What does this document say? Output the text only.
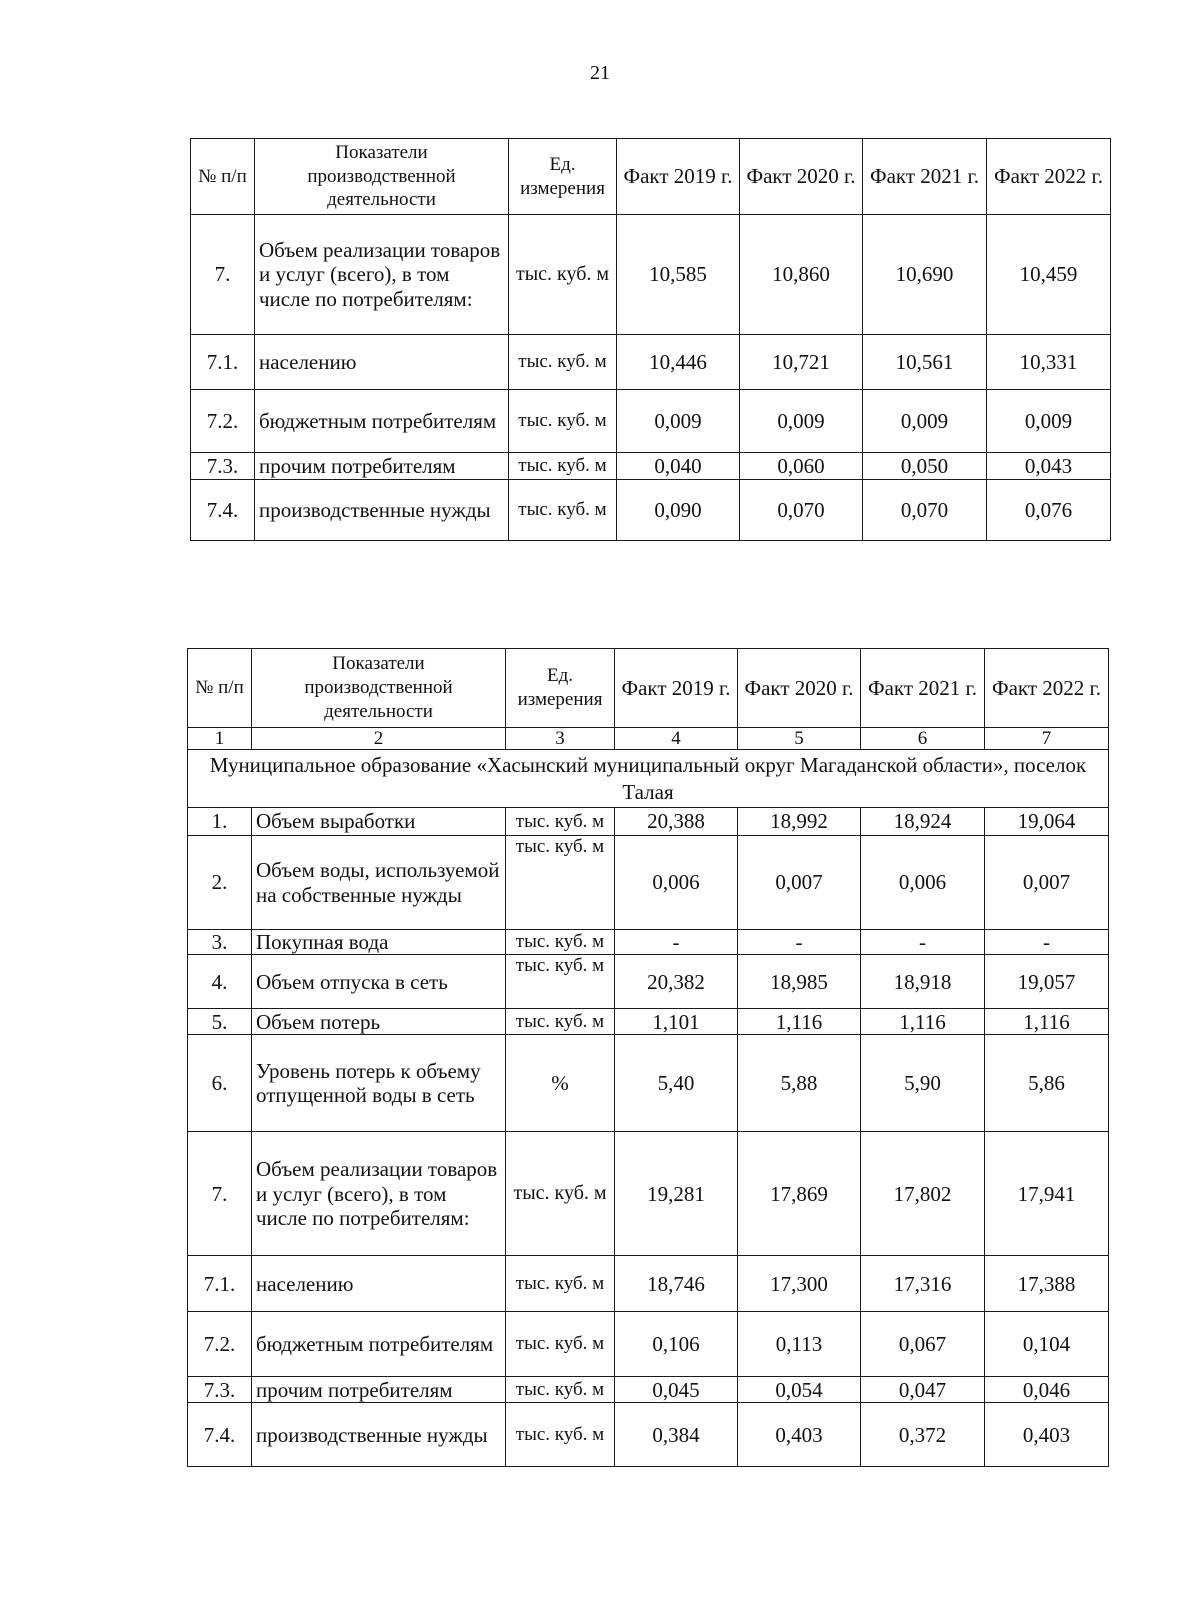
21
№ п/п	Показатели производственной деятельности	Ед. измерения	Факт 2019 г.	Факт 2020 г.	Факт 2021 г.	Факт 2022 г.
7.	Объем реализации товаров и услуг (всего), в том числе по потребителям:	тыс. куб. м	10,585	10,860	10,690	10,459
7.1.	населению	тыс. куб. м	10,446	10,721	10,561	10,331
7.2.	бюджетным потребителям	тыс. куб. м	0,009	0,009	0,009	0,009
7.3.	прочим потребителям	тыс. куб. м	0,040	0,060	0,050	0,043
7.4.	производственные нужды	тыс. куб. м	0,090	0,070	0,070	0,076
№ п/п	Показатели производственной деятельности	Ед. измерения	Факт 2019 г.	Факт 2020 г.	Факт 2021 г.	Факт 2022 г.
1	2	3	4	5	6	7
Муниципальное образование «Хасынский муниципальный округ Магаданской области», поселок Талая						
1.	Объем выработки	тыс. куб. м	20,388	18,992	18,924	19,064
2.	Объем воды, используемой на собственные нужды	тыс. куб. м	0,006	0,007	0,006	0,007
3.	Покупная вода	тыс. куб. м	-	-	-	-
4.	Объем отпуска в сеть	тыс. куб. м	20,382	18,985	18,918	19,057
5.	Объем потерь	тыс. куб. м	1,101	1,116	1,116	1,116
6.	Уровень потерь к объему отпущенной воды в сеть	%	5,40	5,88	5,90	5,86
7.	Объем реализации товаров и услуг (всего), в том числе по потребителям:	тыс. куб. м	19,281	17,869	17,802	17,941
7.1.	населению	тыс. куб. м	18,746	17,300	17,316	17,388
7.2.	бюджетным потребителям	тыс. куб. м	0,106	0,113	0,067	0,104
7.3.	прочим потребителям	тыс. куб. м	0,045	0,054	0,047	0,046
7.4.	производственные нужды	тыс. куб. м	0,384	0,403	0,372	0,403
